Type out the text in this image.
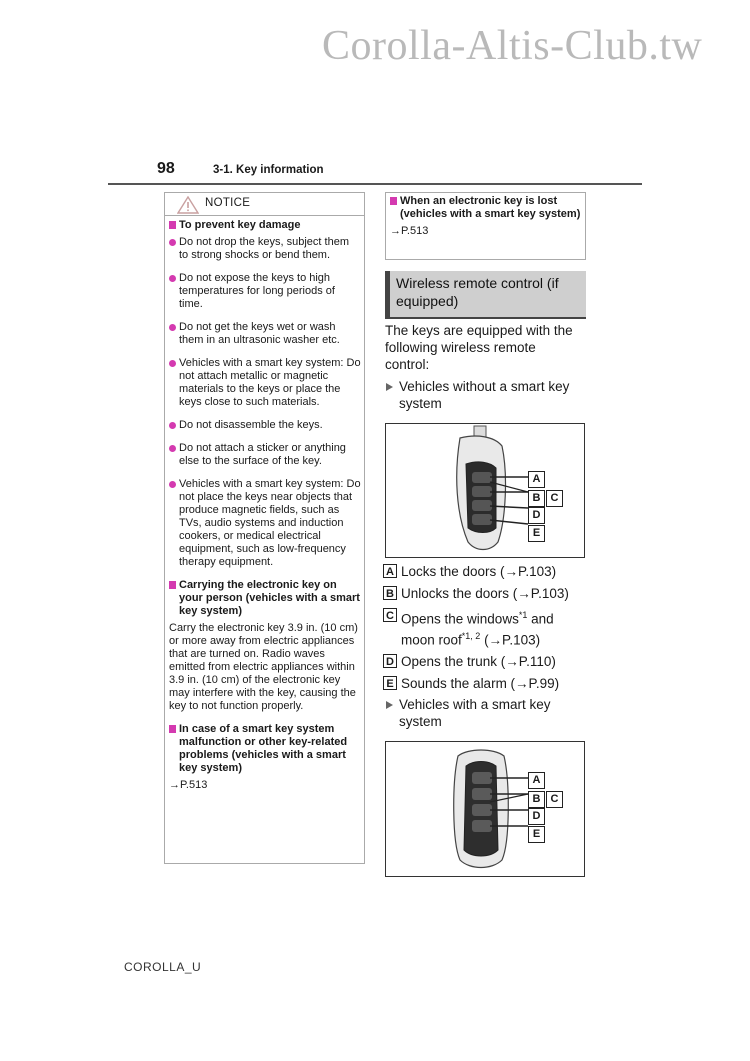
Corolla-Altis-Club.tw
98	3-1. Key information
NOTICE
To prevent key damage
Do not drop the keys, subject them to strong shocks or bend them.
Do not expose the keys to high temperatures for long periods of time.
Do not get the keys wet or wash them in an ultrasonic washer etc.
Vehicles with a smart key system: Do not attach metallic or magnetic materials to the keys or place the keys close to such materials.
Do not disassemble the keys.
Do not attach a sticker or anything else to the surface of the key.
Vehicles with a smart key system: Do not place the keys near objects that produce magnetic fields, such as TVs, audio systems and induction cookers, or medical electrical equipment, such as low-frequency therapy equipment.
Carrying the electronic key on your person (vehicles with a smart key system)
Carry the electronic key 3.9 in. (10 cm) or more away from electric appliances that are turned on. Radio waves emitted from electric appliances within 3.9 in. (10 cm) of the electronic key may interfere with the key, causing the key to not function properly.
In case of a smart key system malfunction or other key-related problems (vehicles with a smart key system)
→P.513
When an electronic key is lost (vehicles with a smart key system)
→P.513
Wireless remote control (if equipped)
The keys are equipped with the following wireless remote control:
Vehicles without a smart key system
A
B C
D
E
A Locks the doors (→P.103)
B Unlocks the doors (→P.103)
C Opens the windows$^{*1}$ and moon roof$^{*1, 2}$ (→P.103)
D Opens the trunk (→P.110)
E Sounds the alarm (→P.99)
Vehicles with a smart key system
A
B C
D
E
COROLLA_U
